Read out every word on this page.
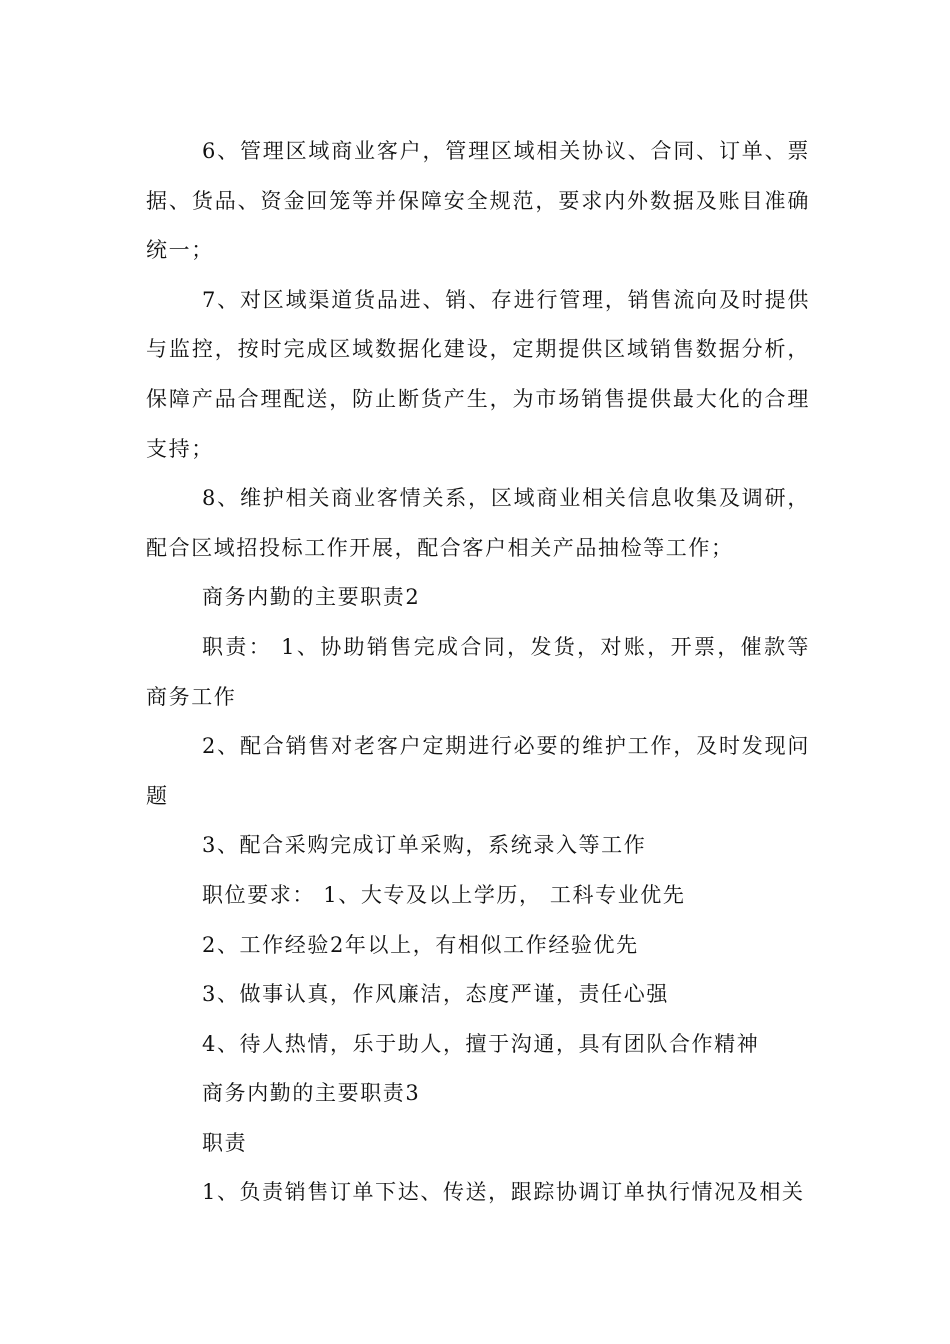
6、管理区域商业客户，管理区域相关协议、合同、订单、票据、货品、资金回笼等并保障安全规范，要求内外数据及账目准确统一；

7、对区域渠道货品进、销、存进行管理，销售流向及时提供与监控，按时完成区域数据化建设，定期提供区域销售数据分析，保障产品合理配送，防止断货产生，为市场销售提供最大化的合理支持；

8、维护相关商业客情关系，区域商业相关信息收集及调研，配合区域招投标工作开展，配合客户相关产品抽检等工作；

商务内勤的主要职责2

职责： 1、协助销售完成合同，发货，对账，开票，催款等商务工作

2、配合销售对老客户定期进行必要的维护工作，及时发现问题

3、配合采购完成订单采购，系统录入等工作

职位要求： 1、大专及以上学历， 工科专业优先

2、工作经验2年以上，有相似工作经验优先

3、做事认真，作风廉洁，态度严谨，责任心强

4、待人热情，乐于助人，擅于沟通，具有团队合作精神

商务内勤的主要职责3

职责

1、负责销售订单下达、传送，跟踪协调订单执行情况及相关
